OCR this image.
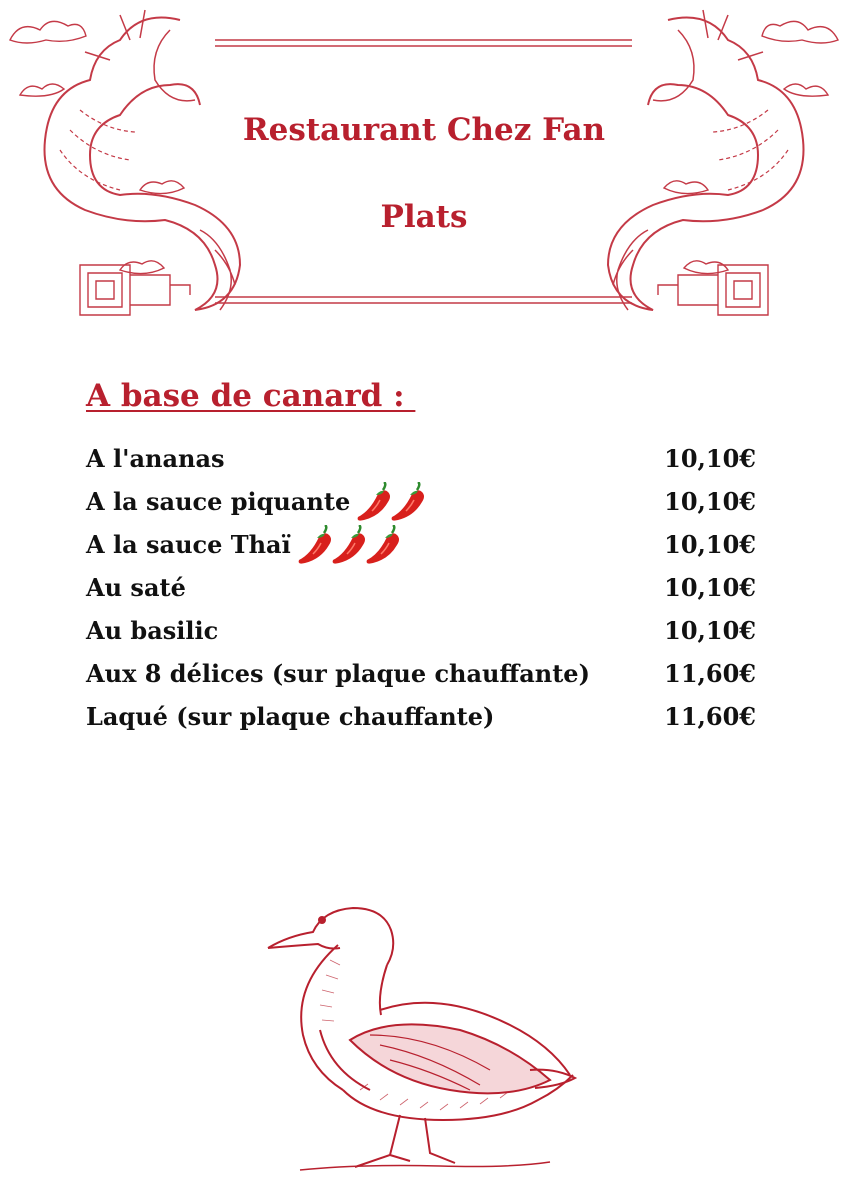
Restaurant Chez Fan
Plats
A base de canard :
A l'ananas	10,10€
A la sauce piquante	10,10€
A la sauce Thaï	10,10€
Au saté	10,10€
Au basilic	10,10€
Aux 8 délices (sur plaque chauffante)	11,60€
Laqué (sur plaque chauffante)	11,60€
